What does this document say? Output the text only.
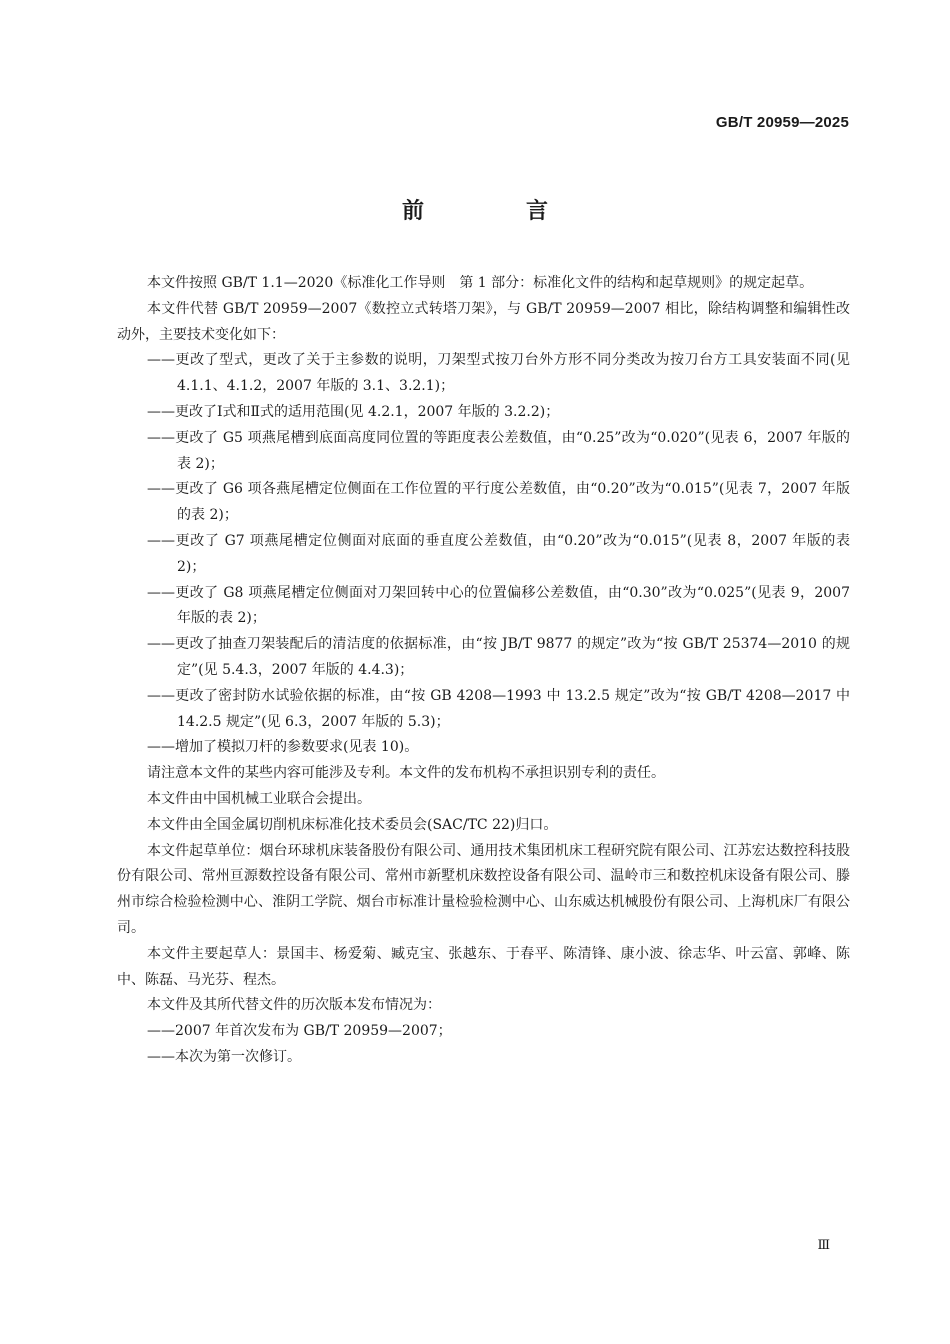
GB/T 20959—2025
前　言

本文件按照 GB/T 1.1—2020《标准化工作导则　第 1 部分：标准化文件的结构和起草规则》的规定起草。

本文件代替 GB/T 20959—2007《数控立式转塔刀架》，与 GB/T 20959—2007 相比，除结构调整和编辑性改动外，主要技术变化如下：

——更改了型式，更改了关于主参数的说明，刀架型式按刀台外方形不同分类改为按刀台方工具安装面不同(见 4.1.1、4.1.2，2007 年版的 3.1、3.2.1)；

——更改了Ⅰ式和Ⅱ式的适用范围(见 4.2.1，2007 年版的 3.2.2)；

——更改了 G5 项燕尾槽到底面高度同位置的等距度表公差数值，由“0.25”改为“0.020”(见表 6，2007 年版的表 2)；

——更改了 G6 项各燕尾槽定位侧面在工作位置的平行度公差数值，由“0.20”改为“0.015”(见表 7，2007 年版的表 2)；

——更改了 G7 项燕尾槽定位侧面对底面的垂直度公差数值，由“0.20”改为“0.015”(见表 8，2007 年版的表 2)；

——更改了 G8 项燕尾槽定位侧面对刀架回转中心的位置偏移公差数值，由“0.30”改为“0.025”(见表 9，2007 年版的表 2)；

——更改了抽查刀架装配后的清洁度的依据标准，由“按 JB/T 9877 的规定”改为“按 GB/T 25374—2010 的规定”(见 5.4.3，2007 年版的 4.4.3)；

——更改了密封防水试验依据的标准，由“按 GB 4208—1993 中 13.2.5 规定”改为“按 GB/T 4208—2017 中 14.2.5 规定”(见 6.3，2007 年版的 5.3)；

——增加了模拟刀杆的参数要求(见表 10)。

请注意本文件的某些内容可能涉及专利。本文件的发布机构不承担识别专利的责任。

本文件由中国机械工业联合会提出。

本文件由全国金属切削机床标准化技术委员会(SAC/TC 22)归口。

本文件起草单位：烟台环球机床装备股份有限公司、通用技术集团机床工程研究院有限公司、江苏宏达数控科技股份有限公司、常州亘源数控设备有限公司、常州市新墅机床数控设备有限公司、温岭市三和数控机床设备有限公司、滕州市综合检验检测中心、淮阴工学院、烟台市标准计量检验检测中心、山东威达机械股份有限公司、上海机床厂有限公司。

本文件主要起草人：景国丰、杨爱菊、臧克宝、张越东、于春平、陈清锋、康小波、徐志华、叶云富、郭峰、陈中、陈磊、马光芬、程杰。

本文件及其所代替文件的历次版本发布情况为：

——2007 年首次发布为 GB/T 20959—2007；

——本次为第一次修订。

Ⅲ
